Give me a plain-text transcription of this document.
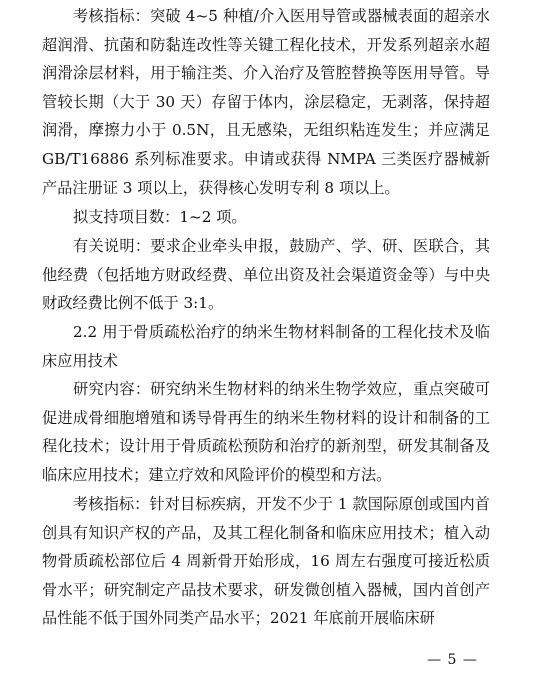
考核指标：突破 4~5 种植/介入医用导管或器械表面的超亲水超润滑、抗菌和防黏连改性等关键工程化技术，开发系列超亲水超润滑涂层材料，用于输注类、介入治疗及管腔替换等医用导管。导管较长期（大于 30 天）存留于体内，涂层稳定，无剥落，保持超润滑，摩擦力小于 0.5N，且无感染，无组织粘连发生；并应满足 GB/T16886 系列标准要求。申请或获得 NMPA 三类医疗器械新产品注册证 3 项以上，获得核心发明专利 8 项以上。

拟支持项目数：1~2 项。

有关说明：要求企业牵头申报，鼓励产、学、研、医联合，其他经费（包括地方财政经费、单位出资及社会渠道资金等）与中央财政经费比例不低于 3:1。

2.2 用于骨质疏松治疗的纳米生物材料制备的工程化技术及临床应用技术

研究内容：研究纳米生物材料的纳米生物学效应，重点突破可促进成骨细胞增殖和诱导骨再生的纳米生物材料的设计和制备的工程化技术；设计用于骨质疏松预防和治疗的新剂型，研发其制备及临床应用技术；建立疗效和风险评价的模型和方法。

考核指标：针对目标疾病，开发不少于 1 款国际原创或国内首创具有知识产权的产品，及其工程化制备和临床应用技术；植入动物骨质疏松部位后 4 周新骨开始形成，16 周左右强度可接近松质骨水平；研究制定产品技术要求，研发微创植入器械，国内首创产品性能不低于国外同类产品水平；2021 年底前开展临床研

— 5 —
